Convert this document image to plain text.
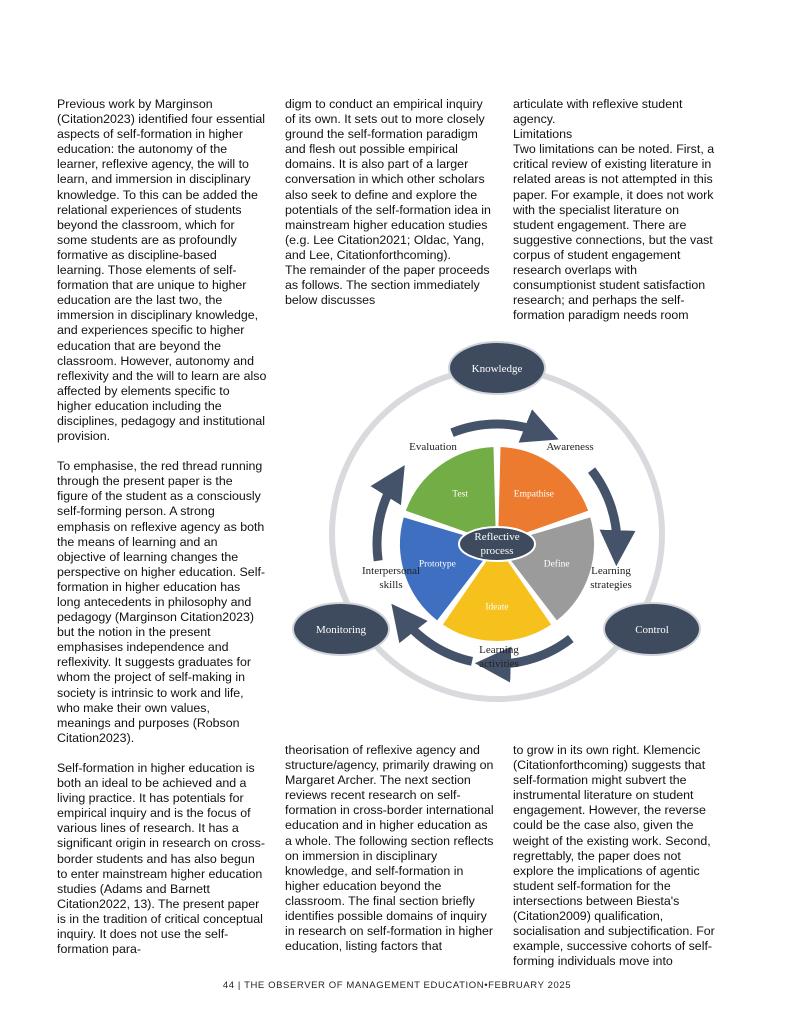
Previous work by Marginson (Citation2023) identified four essential aspects of self-formation in higher education: the autonomy of the learner, reflexive agency, the will to learn, and immersion in disciplinary knowledge. To this can be added the relational experiences of students beyond the classroom, which for some students are as profoundly formative as discipline-based learning. Those elements of self-formation that are unique to higher education are the last two, the immersion in disciplinary knowledge, and experiences specific to higher education that are beyond the classroom. However, autonomy and reflexivity and the will to learn are also affected by elements specific to higher education including the disciplines, pedagogy and institutional provision.

To emphasise, the red thread running through the present paper is the figure of the student as a consciously self-forming person. A strong emphasis on reflexive agency as both the means of learning and an objective of learning changes the perspective on higher education. Self-formation in higher education has long antecedents in philosophy and pedagogy (Marginson Citation2023) but the notion in the present emphasises independence and reflexivity. It suggests graduates for whom the project of self-making in society is intrinsic to work and life, who make their own values, meanings and purposes (Robson Citation2023).

Self-formation in higher education is both an ideal to be achieved and a living practice. It has potentials for empirical inquiry and is the focus of various lines of research. It has a significant origin in research on cross-border students and has also begun to enter mainstream higher education studies (Adams and Barnett Citation2022, 13). The present paper is in the tradition of critical conceptual inquiry. It does not use the self-formation para-

digm to conduct an empirical inquiry of its own. It sets out to more closely ground the self-formation paradigm and flesh out possible empirical domains. It is also part of a larger conversation in which other scholars also seek to define and explore the potentials of the self-formation idea in mainstream higher education studies (e.g. Lee Citation2021; Oldac, Yang, and Lee, Citationforthcoming).

The remainder of the paper proceeds as follows. The section immediately below discusses

articulate with reflexive student agency.

Limitations

Two limitations can be noted. First, a critical review of existing literature in related areas is not attempted in this paper. For example, it does not work with the specialist literature on student engagement. There are suggestive connections, but the vast corpus of student engagement research overlaps with consumptionist student satisfaction research; and perhaps the self-formation paradigm needs room

theorisation of reflexive agency and structure/agency, primarily drawing on Margaret Archer. The next section reviews recent research on self-formation in cross-border international education and in higher education as a whole. The following section reflects on immersion in disciplinary knowledge, and self-formation in higher education beyond the classroom. The final section briefly identifies possible domains of inquiry in research on self-formation in higher education, listing factors that

to grow in its own right. Klemencic (Citationforthcoming) suggests that self-formation might subvert the instrumental literature on student engagement. However, the reverse could be the case also, given the weight of the existing work. Second, regrettably, the paper does not explore the implications of agentic student self-formation for the intersections between Biesta's (Citation2009) qualification, socialisation and subjectification. For example, successive cohorts of self-forming individuals move into

Empathise
Define
Ideate
Prototype
Test
Reflective
process
Knowledge
Monitoring	Control
Evaluation	Awareness
Learning
strategies
Learning
activities
Interpersonal
skills
44 | THE OBSERVER OF MANAGEMENT EDUCATION•FEBRUARY 2025
